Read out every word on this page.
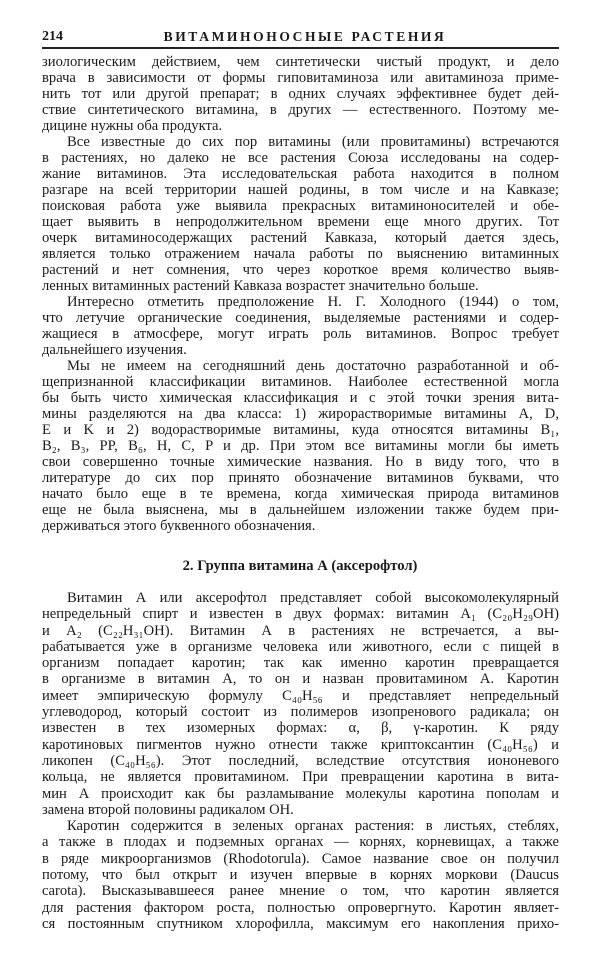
214	ВИТАМИНОНОСНЫЕ РАСТЕНИЯ
зиологическим действием, чем синтетически чистый продукт, и дело
врача в зависимости от формы гиповитаминоза или авитаминоза приме-
нить тот или другой препарат; в одних случаях эффективнее будет дей-
ствие синтетического витамина, в других — естественного. Поэтому ме-
дицине нужны оба продукта.
Все известные до сих пор витамины (или провитамины) встречаются
в растениях, но далеко не все растения Союза исследованы на содер-
жание витаминов. Эта исследовательская работа находится в полном
разгаре на всей территории нашей родины, в том числе и на Кавказе;
поисковая работа уже выявила прекрасных витаминоносителей и обе-
щает выявить в непродолжительном времени еще много других. Тот
очерк витаминосодержащих растений Кавказа, который дается здесь,
является только отражением начала работы по выяснению витаминных
растений и нет сомнения, что через короткое время количество выяв-
ленных витаминных растений Кавказа возрастет значительно больше.
Интересно отметить предположение Н. Г. Холодного (1944) о том,
что летучие органические соединения, выделяемые растениями и содер-
жащиеся в атмосфере, могут играть роль витаминов. Вопрос требует
дальнейшего изучения.
Мы не имеем на сегодняшний день достаточно разработанной и об-
щепризнанной классификации витаминов. Наиболее естественной могла
бы быть чисто химическая классификация и с этой точки зрения вита-
мины разделяются на два класса: 1) жирорастворимые витамины A, D,
E и K и 2) водорастворимые витамины, куда относятся витамины B₁,
B₂, B₃, PP, B₆, H, C, P и др. При этом все витамины могли бы иметь
свои совершенно точные химические названия. Но в виду того, что в
литературе до сих пор принято обозначение витаминов буквами, что
начато было еще в те времена, когда химическая природа витаминов
еще не была выяснена, мы в дальнейшем изложении также будем при-
держиваться этого буквенного обозначения.
2. Группа витамина А (аксерофтол)
Витамин А или аксерофтол представляет собой высокомолекулярный
непредельный спирт и известен в двух формах: витамин A₁ (C₂₀H₂₉OH)
и A₂ (C₂₂H₃₁OH). Витамин А в растениях не встречается, а вы-
рабатывается уже в организме человека или животного, если с пищей в
организм попадает каротин; так как именно каротин превращается
в организме в витамин А, то он и назван провитамином А. Каротин
имеет эмпирическую формулу C₄₀H₅₆ и представляет непредельный
углеводород, который состоит из полимеров изопренового радикала; он
известен в тех изомерных формах: α, β, γ-каротин. К ряду
каротиновых пигментов нужно отнести также криптоксантин (C₄₀H₅₆) и
ликопен (C₄₀H₅₆). Этот последний, вследствие отсутствия иононевого
кольца, не является провитамином. При превращении каротина в вита-
мин А происходит как бы разламывание молекулы каротина пополам и
замена второй половины радикалом OH.
Каротин содержится в зеленых органах растения: в листьях, стеблях,
а также в плодах и подземных органах — корнях, корневищах, а также
в ряде микроорганизмов (Rhodotorula). Самое название свое он получил
потому, что был открыт и изучен впервые в корнях моркови (Daucus
carota). Высказывавшееся ранее мнение о том, что каротин является
для растения фактором роста, полностью опровергнуто. Каротин являет-
ся постоянным спутником хлорофилла, максимум его накопления прихо-
